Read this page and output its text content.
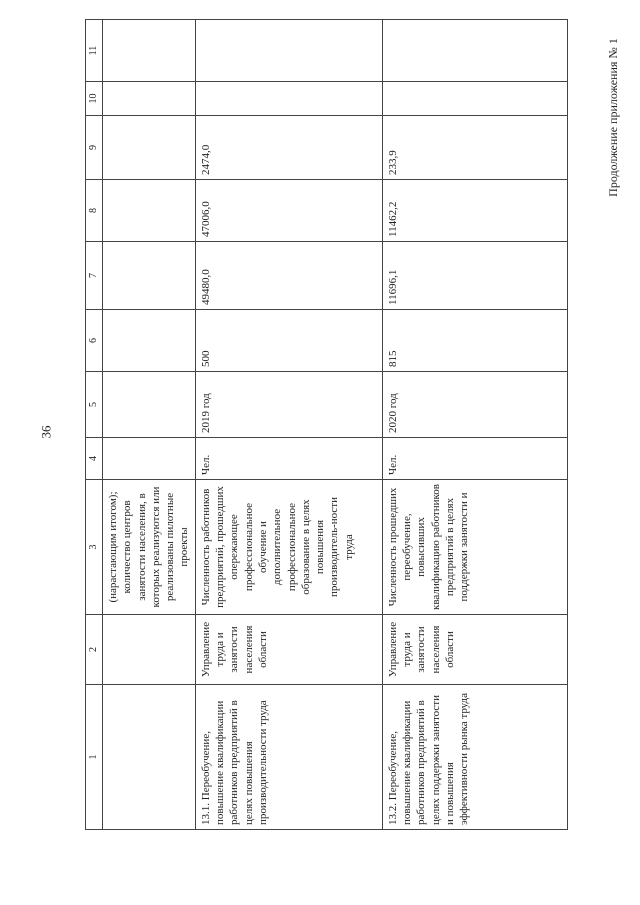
36
Продолжение приложения № 1
1	2	3	4	5	6	7	8	9	10	11
		(нарастающим итогом); количество центров занятости населения, в которых реализуются или реализованы пилотные проекты								
13.1. Переобучение, повышение квалификации работников предприятий в целях повышения производительности труда	Управление труда и занятости населения области	Численность работников предприятий, прошедших опережающее профессиональное обучение и дополнительное профессиональное образование в целях повышения производитель-ности труда	Чел.	2019 год	500	49480,0	47006,0	2474,0		
13.2. Переобучение, повышение квалификации работников предприятий в целях поддержки занятости и повышения эффективности рынка труда	Управление труда и занятости населения области	Численность прошедших переобучение, повысивших квалификацию работников предприятий в целях поддержки занятости и	Чел.	2020 год	815	11696,1	11462,2	233,9		
